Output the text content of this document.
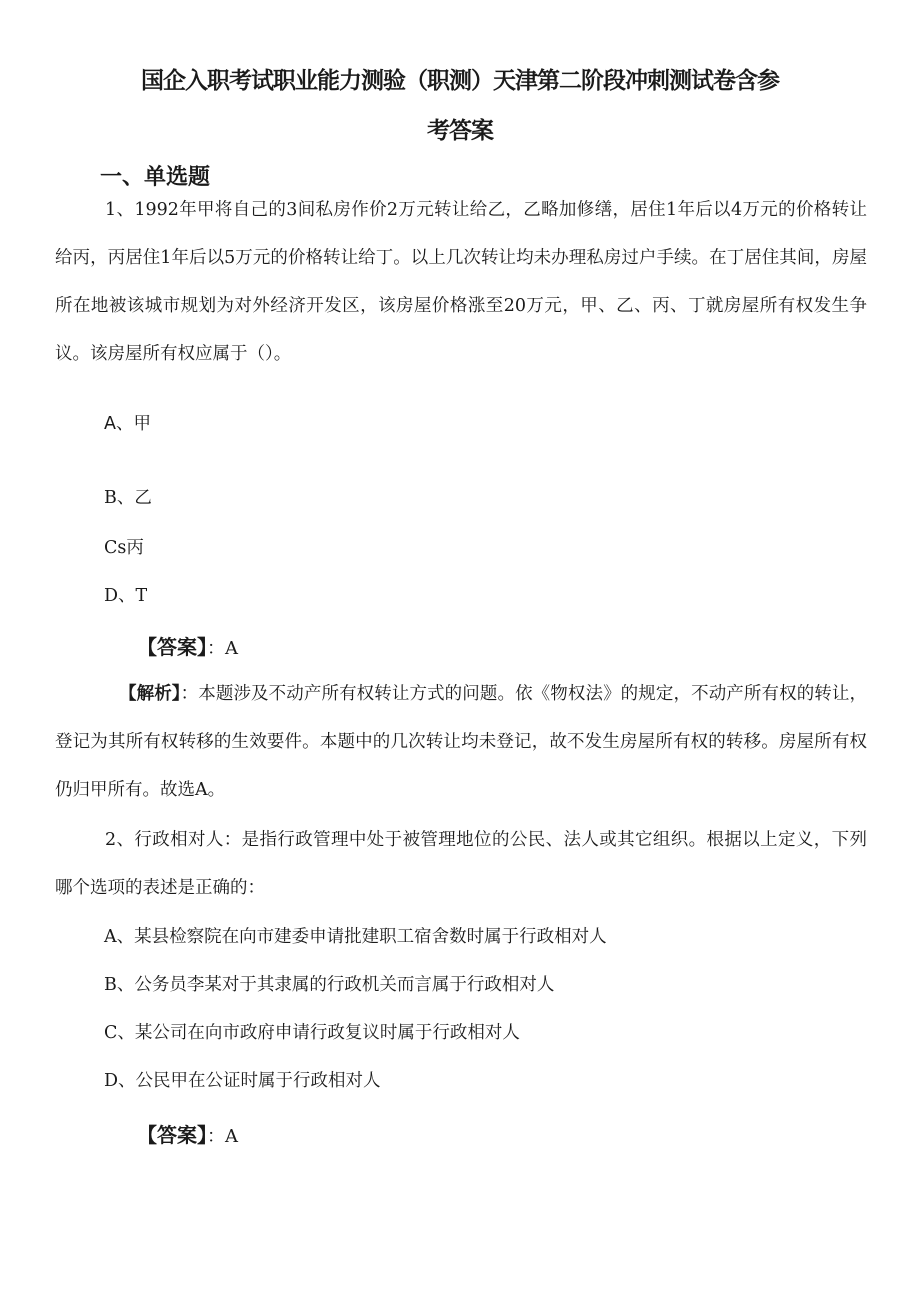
国企入职考试职业能力测验（职测）天津第二阶段冲刺测试卷含参
考答案
一、单选题

1、1992年甲将自己的3间私房作价2万元转让给乙，乙略加修缮，居住1年后以4万元的价格转让给丙，丙居住1年后以5万元的价格转让给丁。以上几次转让均未办理私房过户手续。在丁居住其间，房屋所在地被该城市规划为对外经济开发区，该房屋价格涨至20万元，甲、乙、丙、丁就房屋所有权发生争议。该房屋所有权应属于（）。

A、甲

B、乙

Cs丙

D、T

【答案】：A

【解析】：本题涉及不动产所有权转让方式的问题。依《物权法》的规定，不动产所有权的转让，登记为其所有权转移的生效要件。本题中的几次转让均未登记，故不发生房屋所有权的转移。房屋所有权仍归甲所有。故选A。

2、行政相对人：是指行政管理中处于被管理地位的公民、法人或其它组织。根据以上定义，下列哪个选项的表述是正确的：

A、某县检察院在向市建委申请批建职工宿舍数时属于行政相对人

B、公务员李某对于其隶属的行政机关而言属于行政相对人

C、某公司在向市政府申请行政复议时属于行政相对人

D、公民甲在公证时属于行政相对人

【答案】：A
